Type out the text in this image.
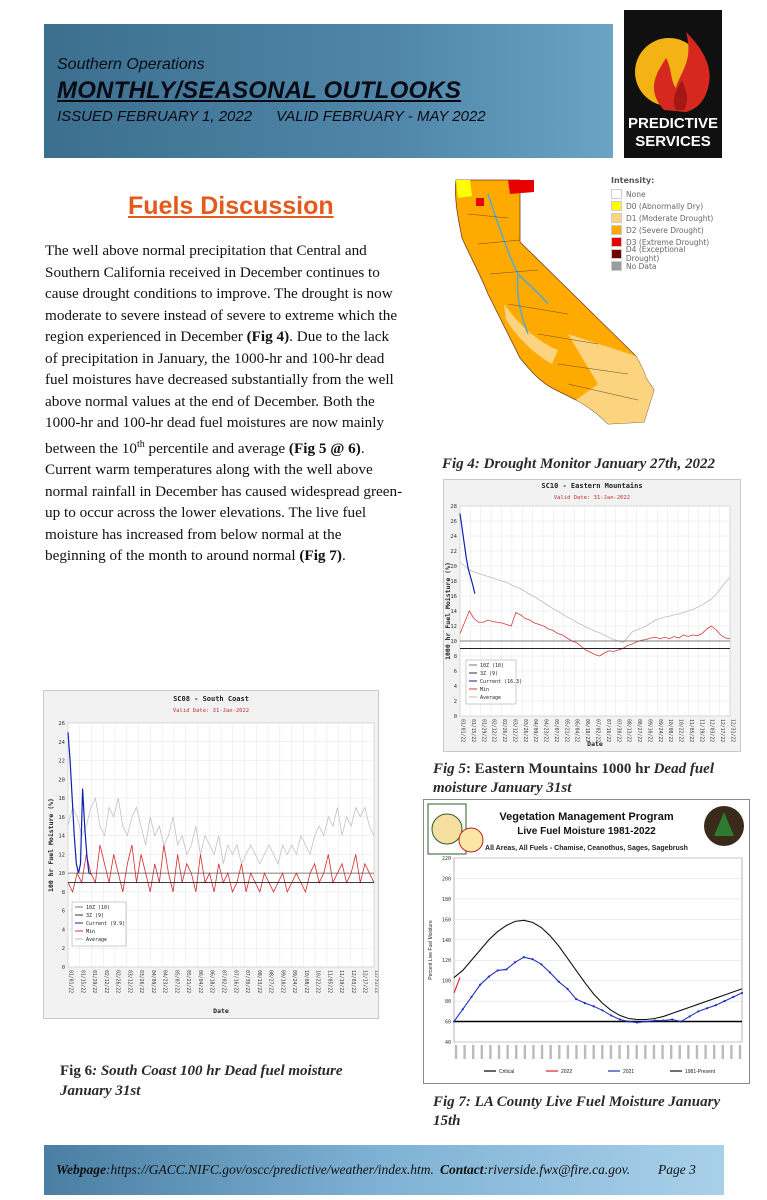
Southern Operations
MONTHLY/SEASONAL OUTLOOKS
ISSUED FEBRUARY 1, 2022 VALID FEBRUARY - MAY 2022	PREDICTIVE
SERVICES
Fuels Discussion
The well above normal precipitation that Central and Southern California received in December continues to cause drought conditions to improve. The drought is now moderate to severe instead of severe to extreme which the region experienced in December (Fig 4). Due to the lack of precipitation in January, the 1000-hr and 100-hr dead fuel moistures have decreased substantially from the well above normal values at the end of December. Both the 1000-hr and 100-hr dead fuel moistures are now mainly between the 10th percentile and average (Fig 5 @ 6). Current warm temperatures along with the well above normal rainfall in December has caused widespread green-up to occur across the lower elevations. The live fuel moisture has increased from below normal at the beginning of the month to around normal (Fig 7).
Intensity:
None
D0 (Abnormally Dry)
D1 (Moderate Drought)
D2 (Severe Drought)
D3 (Extreme Drought)
D4 (Exceptional Drought)
No Data
Fig 4: Drought Monitor January 27th, 2022
SC10 - Eastern Mountains
Valid Date: 31-Jan-2022
0
2
4
6
8
10
12
14
16
18
20
22
24
26
28
01/01/22 01/15/22 01/29/22 02/12/22 02/26/22 03/12/22 03/26/22 04/09/22 04/23/22 05/07/22 05/21/22 06/04/22 06/18/22 07/02/22 07/16/22 07/30/22 08/13/22 08/27/22 09/10/22 09/24/22 10/08/22 10/22/22 11/05/22 11/19/22 12/03/22 12/17/22 12/31/22
Date
1000 hr Fuel Moisture (%)
10Z (10)
3Z (9)
Current (16.3)
Min
Average
Fig 5: Eastern Mountains 1000 hr Dead fuel moisture January 31st
Vegetation Management Program
Live Fuel Moisture 1981-2022
All Areas, All Fuels - Chamise, Ceanothus, Sages, Sagebrush
40
60
80
100
120
140
160
180
200
220
Percent Live Fuel Moisture
Critical	2022	2021	1981-Present
Fig 7: LA County Live Fuel Moisture January 15th
SC08 - South Coast
Valid Date: 31-Jan-2022
0
2
4
6
8
10
12
14
16
18
20
22
24
26
01/01/22 01/15/22 01/29/22 02/12/22 02/26/22 03/12/22 03/26/22 04/09/22 04/23/22 05/07/22 05/21/22 06/04/22 06/18/22 07/02/22 07/16/22 07/30/22 08/13/22 08/27/22 09/10/22 09/24/22 10/08/22 10/22/22 11/05/22 11/19/22 12/03/22 12/17/22 12/31/22
Date
100 hr Fuel Moisture (%)
10Z (10)
3Z (9)
Current (9.9)
Min
Average
Fig 6: South Coast 100 hr Dead fuel moisture January 31st
Webpage:https://GACC.NIFC.gov/oscc/predictive/weather/index.htm. Contact:riverside.fwx@fire.ca.gov. Page 3
